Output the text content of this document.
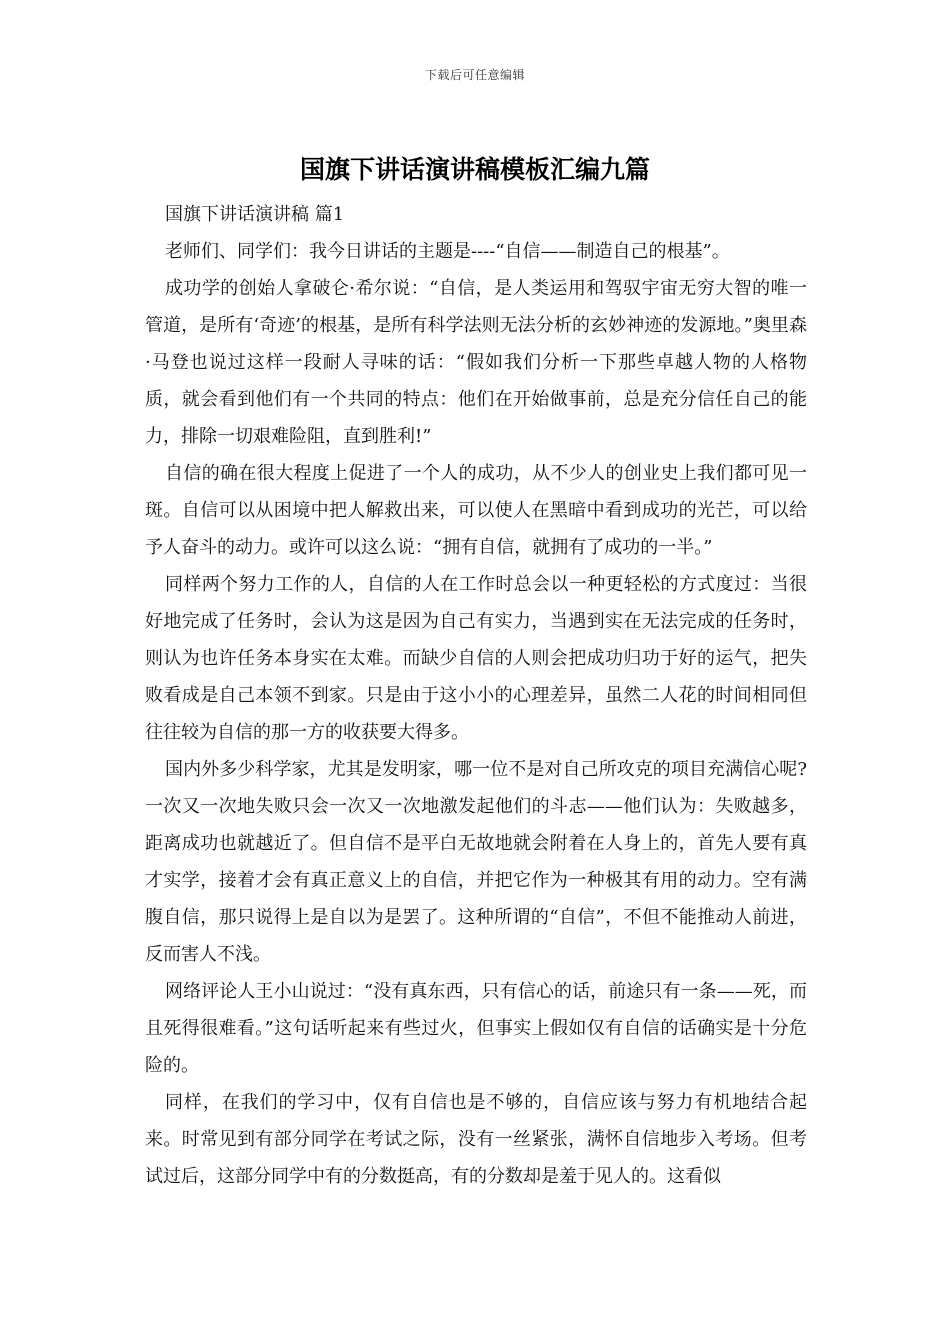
下载后可任意编辑
国旗下讲话演讲稿模板汇编九篇

国旗下讲话演讲稿 篇1

老师们、同学们：我今日讲话的主题是----“自信——制造自己的根基”。

成功学的创始人拿破仑·希尔说：“自信，是人类运用和驾驭宇宙无穷大智的唯一管道，是所有‘奇迹’的根基，是所有科学法则无法分析的玄妙神迹的发源地。”奥里森·马登也说过这样一段耐人寻味的话：“假如我们分析一下那些卓越人物的人格物质，就会看到他们有一个共同的特点：他们在开始做事前，总是充分信任自己的能力，排除一切艰难险阻，直到胜利!”

自信的确在很大程度上促进了一个人的成功，从不少人的创业史上我们都可见一斑。自信可以从困境中把人解救出来，可以使人在黑暗中看到成功的光芒，可以给予人奋斗的动力。或许可以这么说：“拥有自信，就拥有了成功的一半。”

同样两个努力工作的人，自信的人在工作时总会以一种更轻松的方式度过：当很好地完成了任务时，会认为这是因为自己有实力，当遇到实在无法完成的任务时，则认为也许任务本身实在太难。而缺少自信的人则会把成功归功于好的运气，把失败看成是自己本领不到家。只是由于这小小的心理差异，虽然二人花的时间相同但往往较为自信的那一方的收获要大得多。

国内外多少科学家，尤其是发明家，哪一位不是对自己所攻克的项目充满信心呢?一次又一次地失败只会一次又一次地激发起他们的斗志——他们认为：失败越多，距离成功也就越近了。但自信不是平白无故地就会附着在人身上的，首先人要有真才实学，接着才会有真正意义上的自信，并把它作为一种极其有用的动力。空有满腹自信，那只说得上是自以为是罢了。这种所谓的“自信”，不但不能推动人前进，反而害人不浅。

网络评论人王小山说过：“没有真东西，只有信心的话，前途只有一条——死，而且死得很难看。”这句话听起来有些过火，但事实上假如仅有自信的话确实是十分危险的。

同样，在我们的学习中，仅有自信也是不够的，自信应该与努力有机地结合起来。时常见到有部分同学在考试之际，没有一丝紧张，满怀自信地步入考场。但考试过后，这部分同学中有的分数挺高，有的分数却是羞于见人的。这看似
